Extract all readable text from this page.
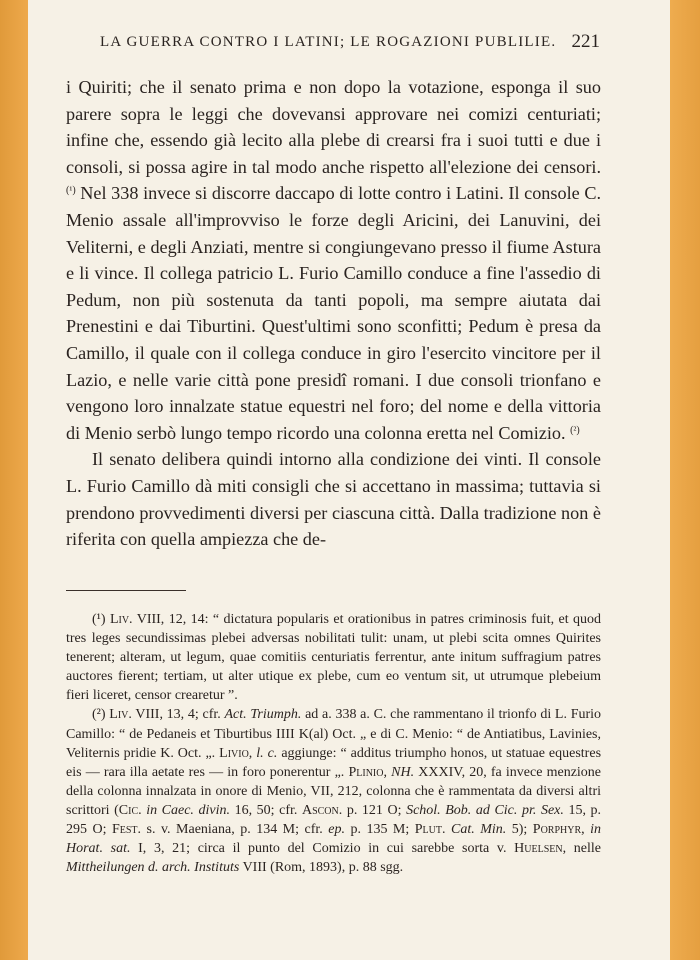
LA GUERRA CONTRO I LATINI; LE ROGAZIONI PUBLILIE. 221

i Quiriti; che il senato prima e non dopo la votazione, esponga il suo parere sopra le leggi che dovevansi approvare nei comizi centuriati; infine che, essendo già lecito alla plebe di crearsi fra i suoi tutti e due i consoli, si possa agire in tal modo anche rispetto all'elezione dei censori. $^{(^1)}$ Nel 338 invece si discorre daccapo di lotte contro i Latini. Il console C. Menio assale all'improvviso le forze degli Aricini, dei Lanuvini, dei Veliterni, e degli Anziati, mentre si congiungevano presso il fiume Astura e li vince. Il collega patricio L. Furio Camillo conduce a fine l'assedio di Pedum, non più sostenuta da tanti popoli, ma sempre aiutata dai Prenestini e dai Tiburtini. Quest'ultimi sono sconfitti; Pedum è presa da Camillo, il quale con il collega conduce in giro l'esercito vincitore per il Lazio, e nelle varie città pone presidî romani. I due consoli trionfano e vengono loro innalzate statue equestri nel foro; del nome e della vittoria di Menio serbò lungo tempo ricordo una colonna eretta nel Comizio. $^{(^2)}$

Il senato delibera quindi intorno alla condizione dei vinti. Il console L. Furio Camillo dà miti consigli che si accettano in massima; tuttavia si prendono provvedimenti diversi per ciascuna città. Dalla tradizione non è riferita con quella ampiezza che de-

(¹) Liv. VIII, 12, 14: “ dictatura popularis et orationibus in patres criminosis fuit, et quod tres leges secundissimas plebei adversas nobilitati tulit: unam, ut plebi scita omnes Quirites tenerent; alteram, ut legum, quae comitiis centuriatis ferrentur, ante initum suffragium patres auctores fierent; tertiam, ut alter utique ex plebe, cum eo ventum sit, ut utrumque plebeium fieri liceret, censor crearetur ”.

(²) Liv. VIII, 13, 4; cfr. Act. Triumph. ad a. 338 a. C. che rammentano il trionfo di L. Furio Camillo: “ de Pedaneis et Tiburtibus IIII K(al) Oct. „ e di C. Menio: “ de Antiatibus, Lavinies, Veliternis pridie K. Oct. „. Livio, l. c. aggiunge: “ additus triumpho honos, ut statuae equestres eis — rara illa aetate res — in foro ponerentur „. Plinio, NH. XXXIV, 20, fa invece menzione della colonna innalzata in onore di Menio, VII, 212, colonna che è rammentata da diversi altri scrittori (Cic. in Caec. divin. 16, 50; cfr. Ascon. p. 121 O; Schol. Bob. ad Cic. pr. Sex. 15, p. 295 O; Fest. s. v. Maeniana, p. 134 M; cfr. ep. p. 135 M; Plut. Cat. Min. 5); Porphyr, in Horat. sat. I, 3, 21; circa il punto del Comizio in cui sarebbe sorta v. Huelsen, nelle Mittheilungen d. arch. Instituts VIII (Rom, 1893), p. 88 sgg.
